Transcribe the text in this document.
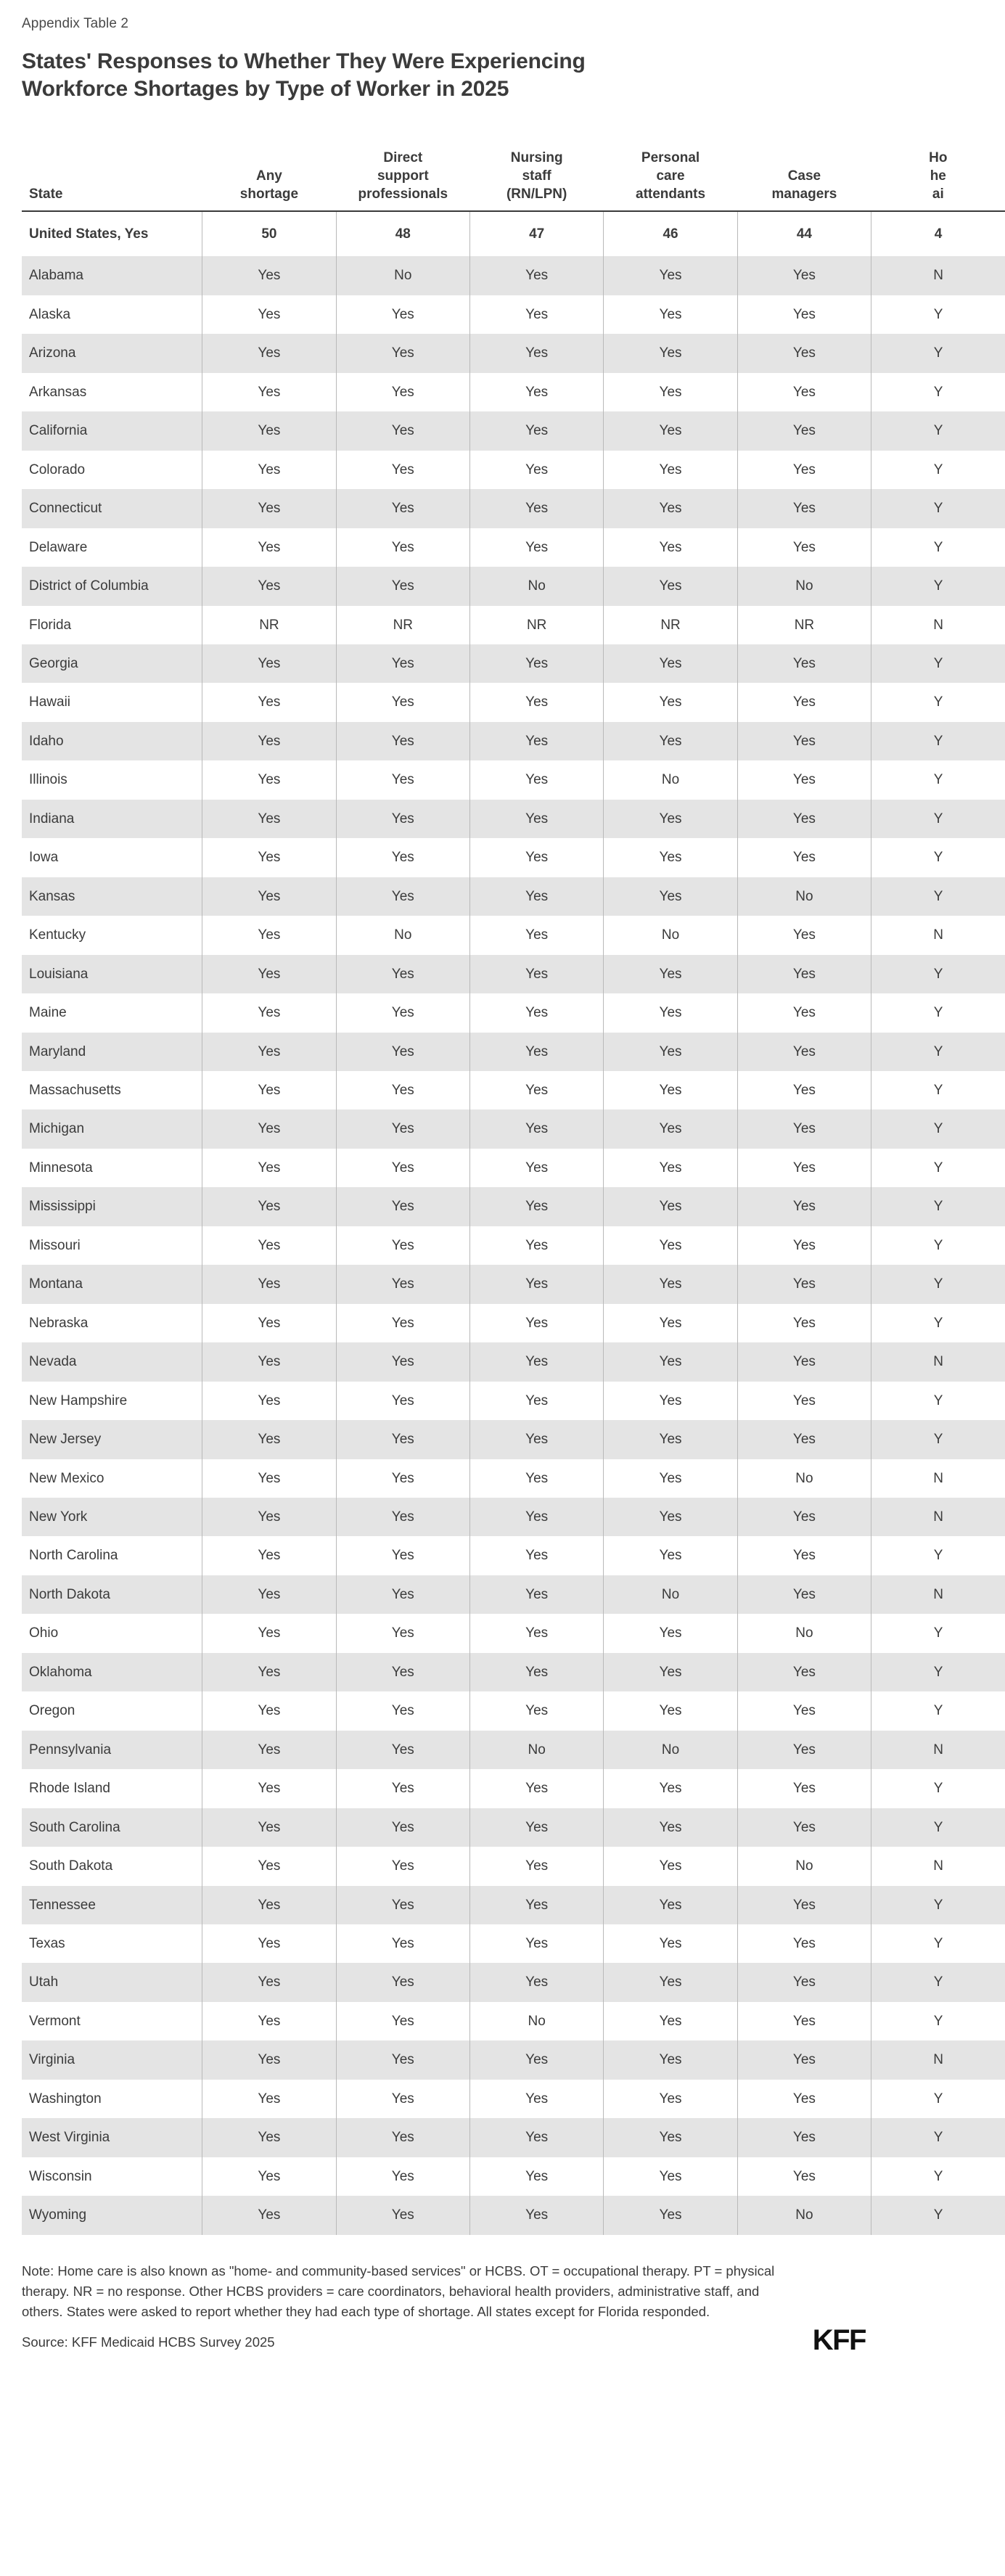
Appendix Table 2
States' Responses to Whether They Were Experiencing
Workforce Shortages by Type of Worker in 2025
State

Any
shortage

Direct
support
professionals

Nursing
staff
(RN/LPN)

Personal
care
attendants

Case
managers

Ho
he
ai

United States, Yes	50	48	47	46	44	4
Alabama	Yes	No	Yes	Yes	Yes	N
Alaska	Yes	Yes	Yes	Yes	Yes	Y
Arizona	Yes	Yes	Yes	Yes	Yes	Y
Arkansas	Yes	Yes	Yes	Yes	Yes	Y
California	Yes	Yes	Yes	Yes	Yes	Y
Colorado	Yes	Yes	Yes	Yes	Yes	Y
Connecticut	Yes	Yes	Yes	Yes	Yes	Y
Delaware	Yes	Yes	Yes	Yes	Yes	Y
District of Columbia	Yes	Yes	No	Yes	No	Y
Florida	NR	NR	NR	NR	NR	N
Georgia	Yes	Yes	Yes	Yes	Yes	Y
Hawaii	Yes	Yes	Yes	Yes	Yes	Y
Idaho	Yes	Yes	Yes	Yes	Yes	Y
Illinois	Yes	Yes	Yes	No	Yes	Y
Indiana	Yes	Yes	Yes	Yes	Yes	Y
Iowa	Yes	Yes	Yes	Yes	Yes	Y
Kansas	Yes	Yes	Yes	Yes	No	Y
Kentucky	Yes	No	Yes	No	Yes	N
Louisiana	Yes	Yes	Yes	Yes	Yes	Y
Maine	Yes	Yes	Yes	Yes	Yes	Y
Maryland	Yes	Yes	Yes	Yes	Yes	Y
Massachusetts	Yes	Yes	Yes	Yes	Yes	Y
Michigan	Yes	Yes	Yes	Yes	Yes	Y
Minnesota	Yes	Yes	Yes	Yes	Yes	Y
Mississippi	Yes	Yes	Yes	Yes	Yes	Y
Missouri	Yes	Yes	Yes	Yes	Yes	Y
Montana	Yes	Yes	Yes	Yes	Yes	Y
Nebraska	Yes	Yes	Yes	Yes	Yes	Y
Nevada	Yes	Yes	Yes	Yes	Yes	N
New Hampshire	Yes	Yes	Yes	Yes	Yes	Y
New Jersey	Yes	Yes	Yes	Yes	Yes	Y
New Mexico	Yes	Yes	Yes	Yes	No	N
New York	Yes	Yes	Yes	Yes	Yes	N
North Carolina	Yes	Yes	Yes	Yes	Yes	Y
North Dakota	Yes	Yes	Yes	No	Yes	N
Ohio	Yes	Yes	Yes	Yes	No	Y
Oklahoma	Yes	Yes	Yes	Yes	Yes	Y
Oregon	Yes	Yes	Yes	Yes	Yes	Y
Pennsylvania	Yes	Yes	No	No	Yes	N
Rhode Island	Yes	Yes	Yes	Yes	Yes	Y
South Carolina	Yes	Yes	Yes	Yes	Yes	Y
South Dakota	Yes	Yes	Yes	Yes	No	N
Tennessee	Yes	Yes	Yes	Yes	Yes	Y
Texas	Yes	Yes	Yes	Yes	Yes	Y
Utah	Yes	Yes	Yes	Yes	Yes	Y
Vermont	Yes	Yes	No	Yes	Yes	Y
Virginia	Yes	Yes	Yes	Yes	Yes	N
Washington	Yes	Yes	Yes	Yes	Yes	Y
West Virginia	Yes	Yes	Yes	Yes	Yes	Y
Wisconsin	Yes	Yes	Yes	Yes	Yes	Y
Wyoming	Yes	Yes	Yes	Yes	No	Y

Note: Home care is also known as "home- and community-based services" or HCBS. OT = occupational therapy. PT = physical therapy. NR = no response. Other HCBS providers = care coordinators, behavioral health providers, administrative staff, and others. States were asked to report whether they had each type of shortage. All states except for Florida responded.

Source: KFF Medicaid HCBS Survey 2025	KFF
